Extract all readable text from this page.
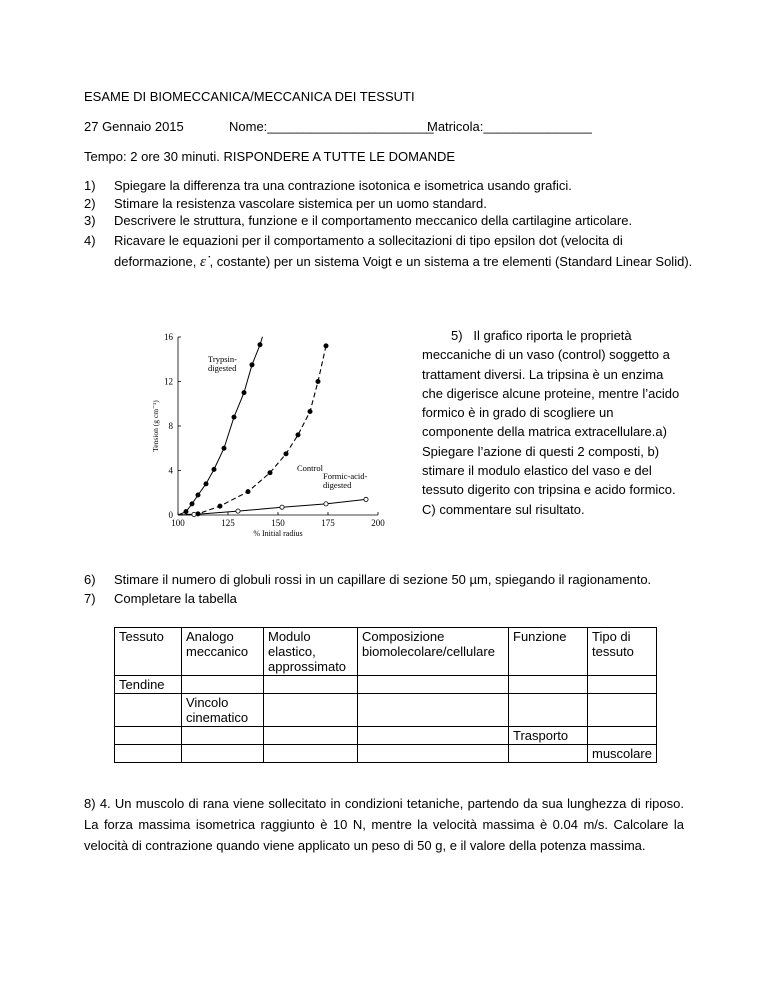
ESAME DI BIOMECCANICA/MECCANICA DEI TESSUTI
27 Gennaio 2015	Nome:_______________________
Matricola:_______________
Tempo: 2 ore 30 minuti. RISPONDERE A TUTTE LE DOMANDE
1) Spiegare la differenza tra una contrazione isotonica e isometrica usando grafici.
2) Stimare la resistenza vascolare sistemica per un uomo standard.
3) Descrivere le struttura, funzione e il comportamento meccanico della cartilagine articolare.
4) Ricavare le equazioni per il comportamento a sollecitazioni di tipo epsilon dot (velocita di deformazione, ε̇ , costante) per un sistema Voigt e un sistema a tre elementi (Standard Linear Solid).
100	125	150	175	200
0
4
8
12
16
% Initial radius
Tension (g cm⁻¹)
Trypsin-
digested
Control
Formic-acid-
digested
5) Il grafico riporta le proprietà meccaniche di un vaso (control) soggetto a trattament diversi. La tripsina è un enzima che digerisce alcune proteine, mentre l’acido formico è in grado di scogliere un componente della matrica extracellulare.a) Spiegare l’azione di questi 2 composti, b) stimare il modulo elastico del vaso e del tessuto digerito con tripsina e acido formico. C) commentare sul risultato.
6) Stimare il numero di globuli rossi in un capillare di sezione 50 µm, spiegando il ragionamento.
7) Completare la tabella
Tessuto	Analogo meccanico	Modulo elastico, approssimato	Composizione biomolecolare/cellulare	Funzione	Tipo di tessuto
Tendine					
	Vincolo cinematico				
				Trasporto	
					muscolare
8) 4. Un muscolo di rana viene sollecitato in condizioni tetaniche, partendo da sua lunghezza di riposo. La forza massima isometrica raggiunto è 10 N, mentre la velocità massima è 0.04 m/s. Calcolare la velocità di contrazione quando viene applicato un peso di 50 g, e il valore della potenza massima.
